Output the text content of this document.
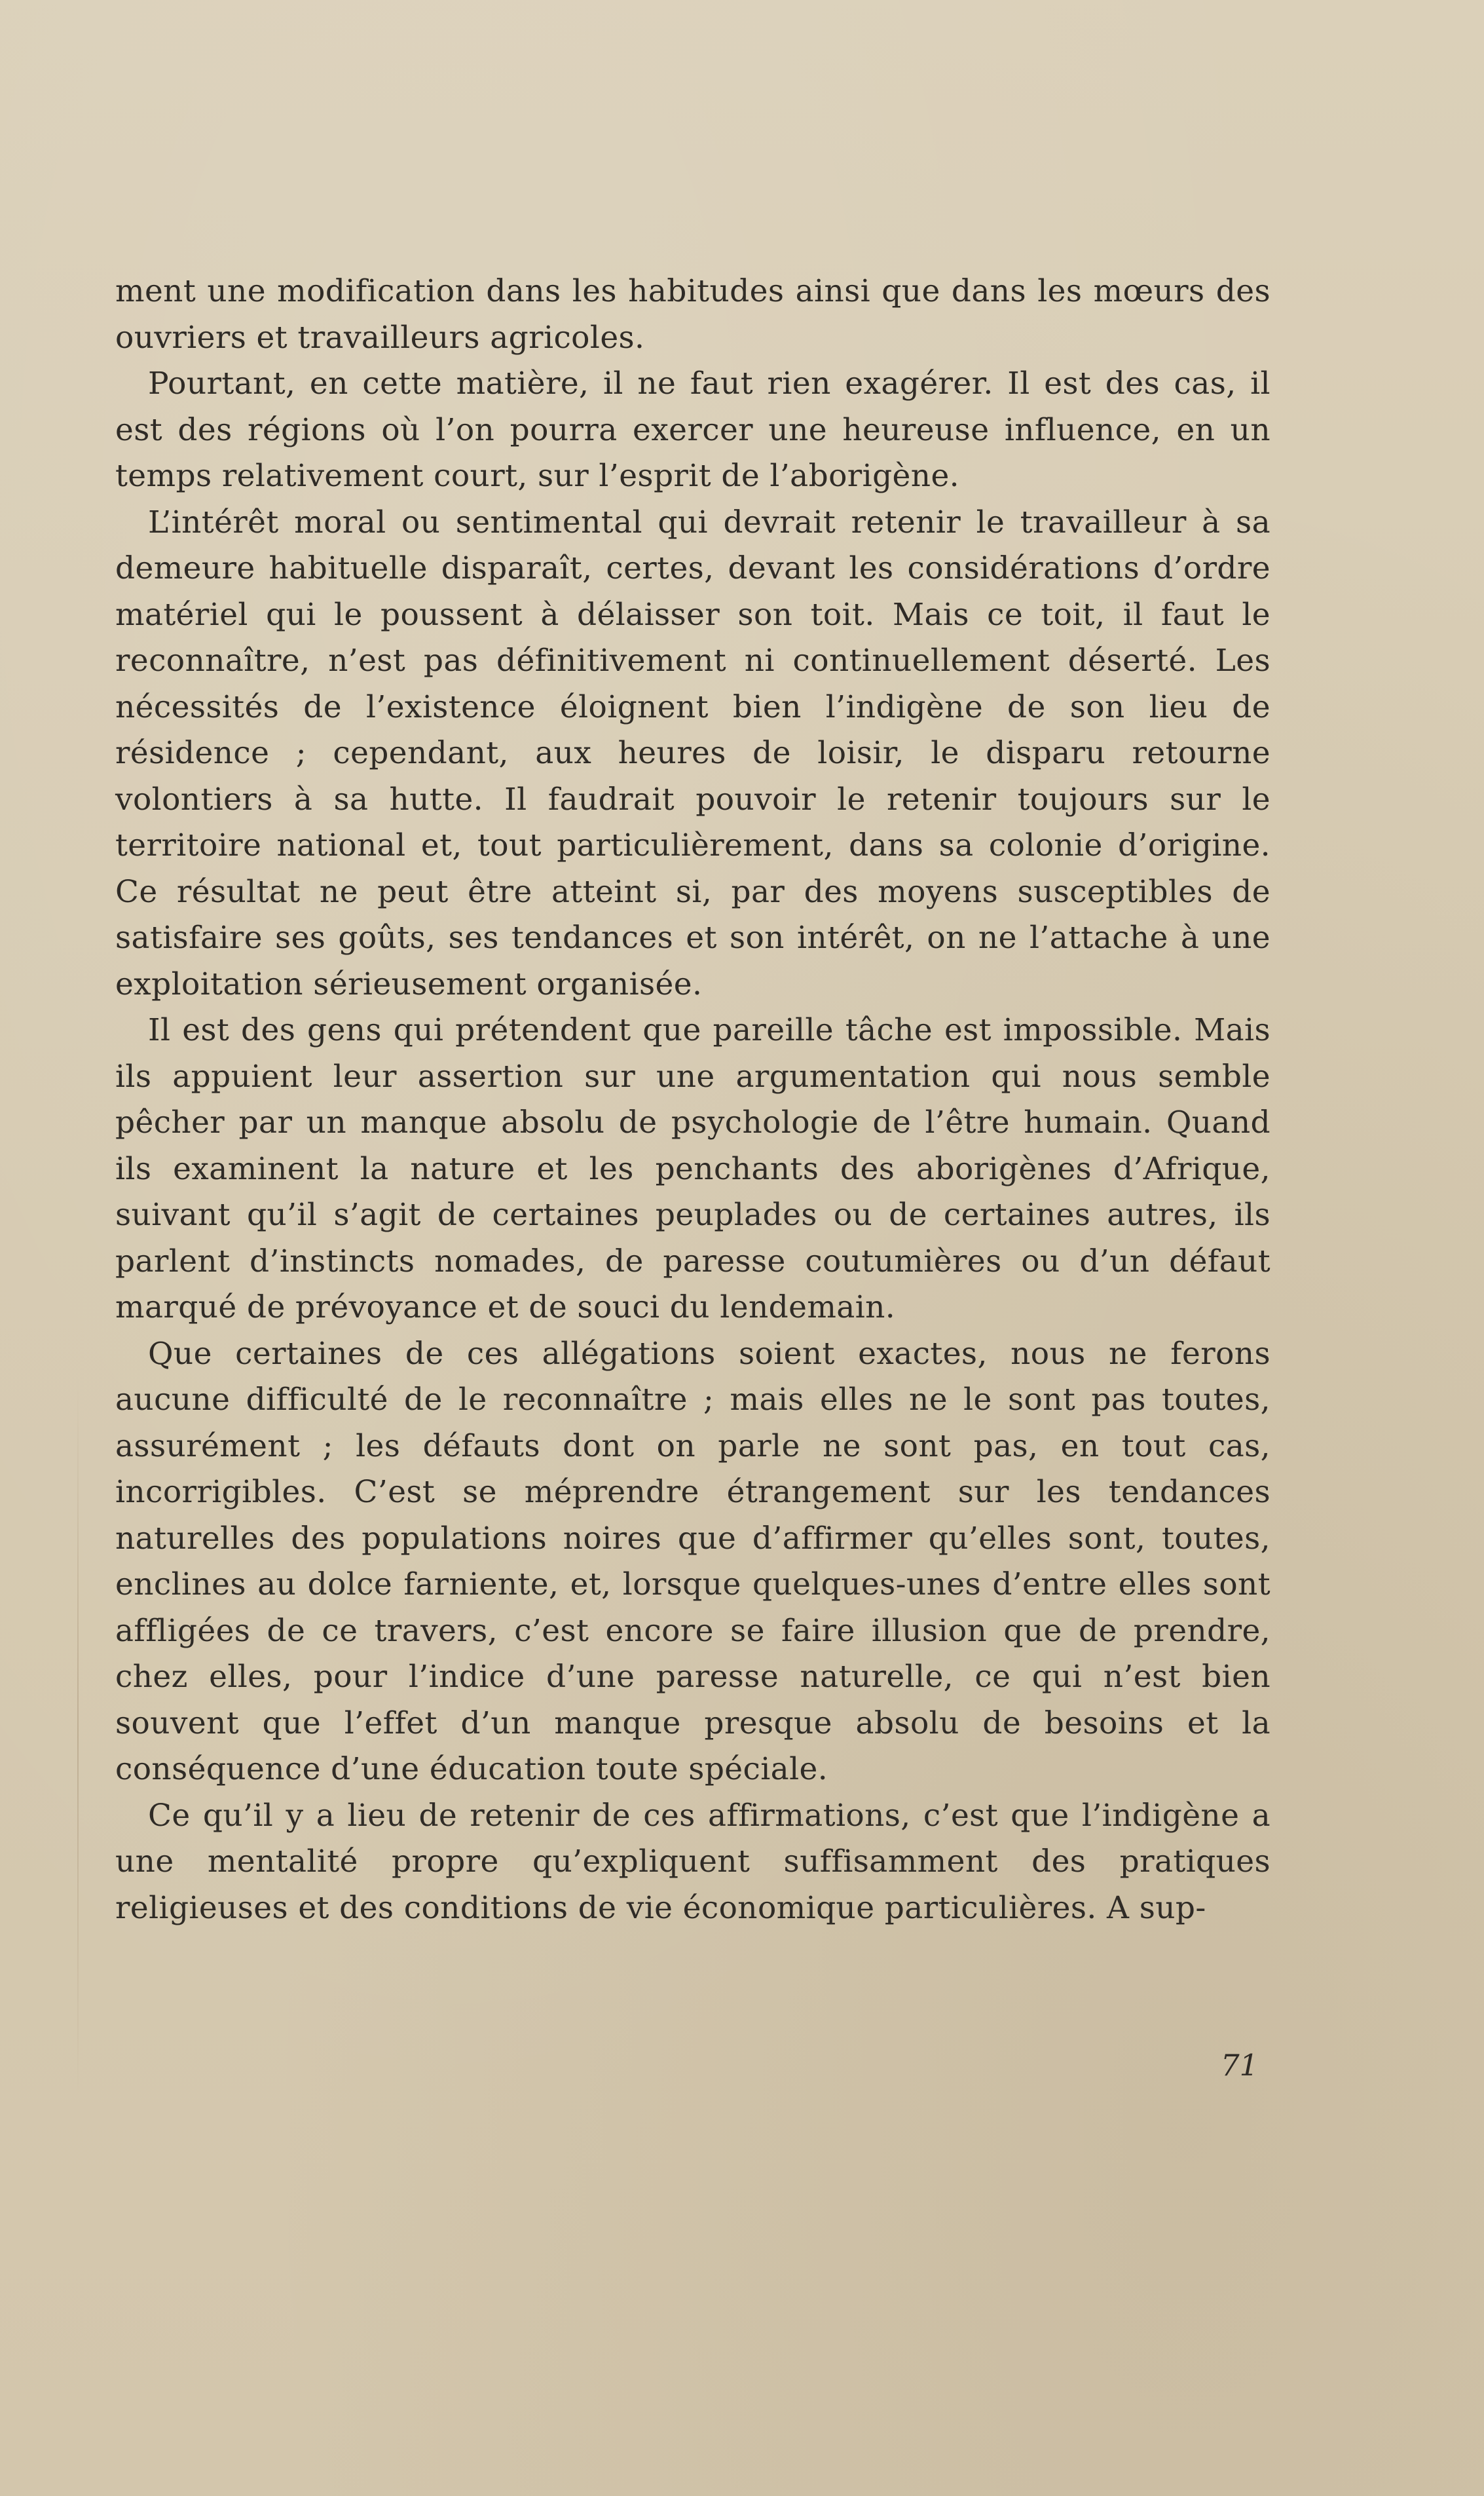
ment une modification dans les habitudes ainsi que dans les mœurs des ouvriers et travailleurs agricoles.

Pourtant, en cette matière, il ne faut rien exagérer. Il est des cas, il est des régions où l’on pourra exercer une heureuse influence, en un temps relativement court, sur l’esprit de l’aborigène.

L’intérêt moral ou sentimental qui devrait retenir le travailleur à sa demeure habituelle disparaît, certes, devant les considérations d’ordre matériel qui le poussent à délaisser son toit. Mais ce toit, il faut le reconnaître, n’est pas définitivement ni continuellement déserté. Les nécessités de l’existence éloignent bien l’indigène de son lieu de résidence ; cependant, aux heures de loisir, le disparu retourne volontiers à sa hutte. Il faudrait pouvoir le retenir toujours sur le territoire national et, tout particulièrement, dans sa colonie d’origine. Ce résultat ne peut être atteint si, par des moyens susceptibles de satisfaire ses goûts, ses tendances et son intérêt, on ne l’attache à une exploitation sérieusement organisée.

Il est des gens qui prétendent que pareille tâche est impossible. Mais ils appuient leur assertion sur une argumentation qui nous semble pêcher par un manque absolu de psychologie de l’être humain. Quand ils examinent la nature et les penchants des aborigènes d’Afrique, suivant qu’il s’agit de certaines peuplades ou de certaines autres, ils parlent d’instincts nomades, de paresse coutumières ou d’un défaut marqué de prévoyance et de souci du lendemain.

Que certaines de ces allégations soient exactes, nous ne ferons aucune difficulté de le reconnaître ; mais elles ne le sont pas toutes, assurément ; les défauts dont on parle ne sont pas, en tout cas, incorrigibles. C’est se méprendre étrangement sur les tendances naturelles des populations noires que d’affirmer qu’elles sont, toutes, enclines au dolce farniente, et, lorsque quelques-unes d’entre elles sont affligées de ce travers, c’est encore se faire illusion que de prendre, chez elles, pour l’indice d’une paresse naturelle, ce qui n’est bien souvent que l’effet d’un manque presque absolu de besoins et la conséquence d’une éducation toute spéciale.

Ce qu’il y a lieu de retenir de ces affirmations, c’est que l’indigène a une mentalité propre qu’expliquent suffisamment des pratiques religieuses et des conditions de vie économique particulières. A sup-

71
